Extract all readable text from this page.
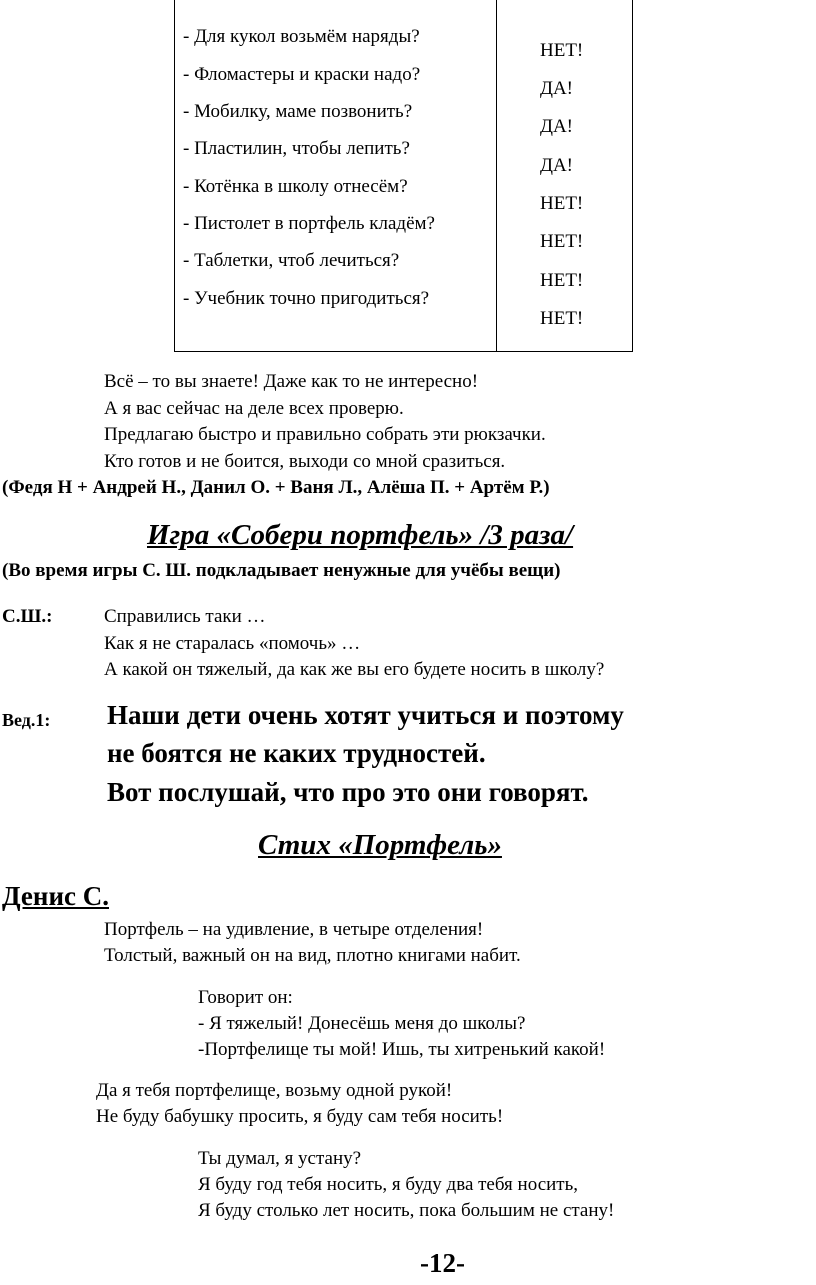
- Для кукол возьмём наряды?
- Фломастеры и краски надо?
- Мобилку, маме позвонить?
- Пластилин, чтобы лепить?
- Котёнка в школу отнесём?
- Пистолет в портфель кладём?
- Таблетки, чтоб лечиться?
- Учебник точно пригодиться?
НЕТ!
ДА!
ДА!
ДА!
НЕТ!
НЕТ!
НЕТ!
НЕТ!
Всё – то вы знаете! Даже как то не интересно!
А я вас сейчас на деле всех проверю.
Предлагаю быстро и правильно собрать эти рюкзачки.
Кто готов и не боится, выходи со мной сразиться.
(Федя Н + Андрей Н., Данил О. + Ваня Л., Алёша П. + Артём Р.)
Игра «Собери портфель» /3 раза/
(Во время игры С. Ш. подкладывает ненужные для учёбы вещи)
С.Ш.:	Справились таки …
Как я не старалась «помочь» …
А какой он тяжелый, да как же вы его будете носить в школу?
Вед.1: Наши дети очень хотят учиться и поэтому
не боятся не каких трудностей.
Вот послушай, что про это они говорят.
Стих «Портфель»
Денис С.
Портфель – на удивление, в четыре отделения!
Толстый, важный он на вид, плотно книгами набит.
Говорит он:
- Я тяжелый! Донесёшь меня до школы?
-Портфелище ты мой! Ишь, ты хитренький какой!
Да я тебя портфелище, возьму одной рукой!
Не буду бабушку просить, я буду сам тебя носить!
Ты думал, я устану?
Я буду год тебя носить, я буду два тебя носить,
Я буду столько лет носить, пока большим не стану!
-12-
